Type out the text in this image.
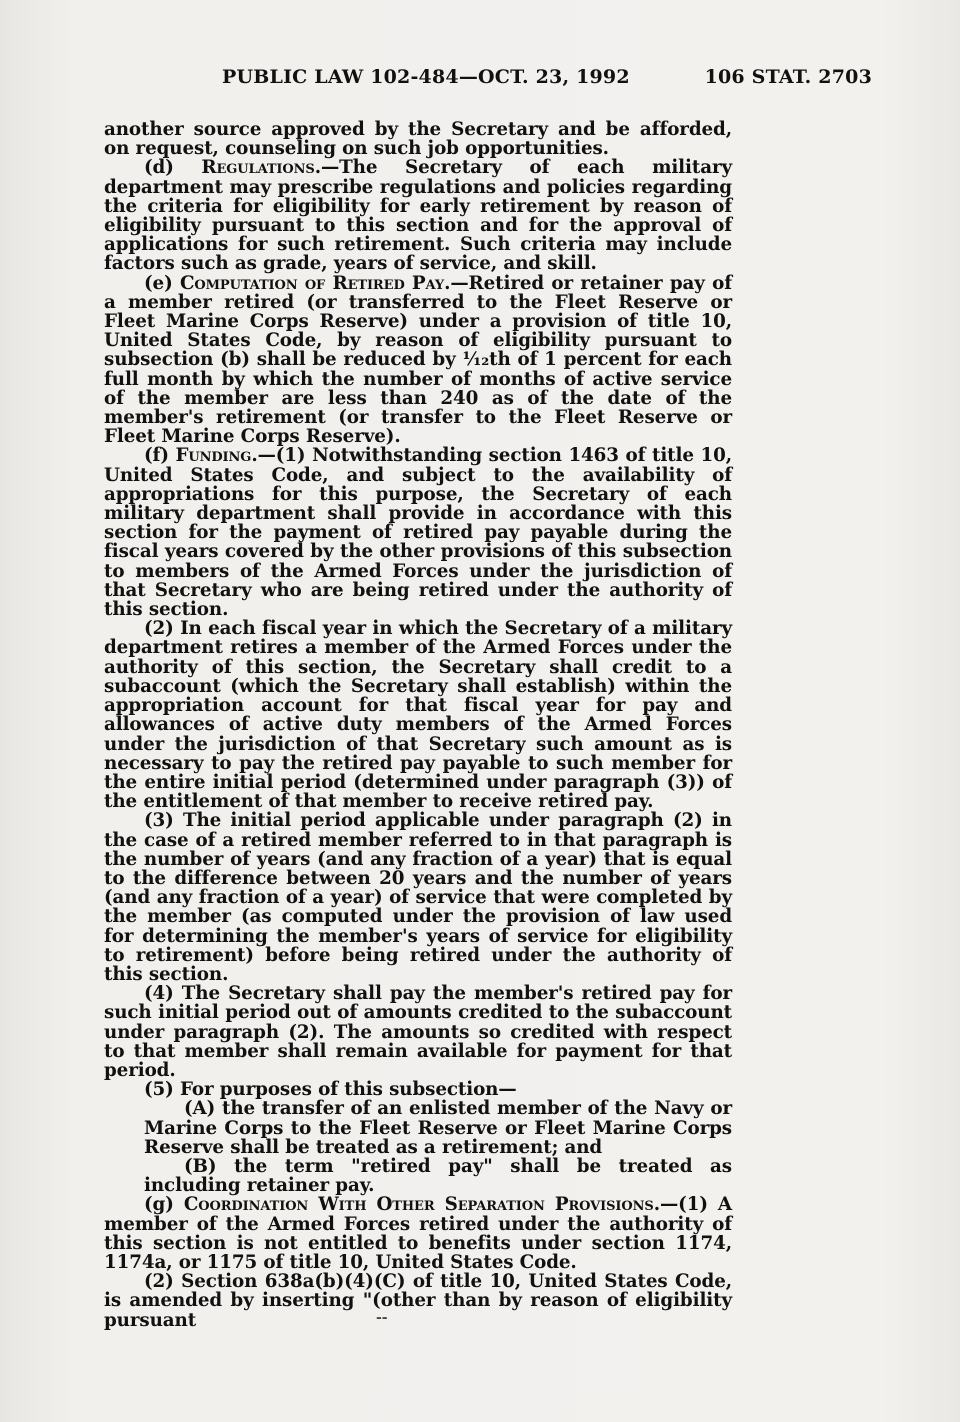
PUBLIC LAW 102-484—OCT. 23, 1992	106 STAT. 2703

another source approved by the Secretary and be afforded, on request, counseling on such job opportunities.

(d) Regulations.—The Secretary of each military department may prescribe regulations and policies regarding the criteria for eligibility for early retirement by reason of eligibility pursuant to this section and for the approval of applications for such retirement. Such criteria may include factors such as grade, years of service, and skill.

(e) Computation of Retired Pay.—Retired or retainer pay of a member retired (or transferred to the Fleet Reserve or Fleet Marine Corps Reserve) under a provision of title 10, United States Code, by reason of eligibility pursuant to subsection (b) shall be reduced by ¹⁄₁₂th of 1 percent for each full month by which the number of months of active service of the member are less than 240 as of the date of the member's retirement (or transfer to the Fleet Reserve or Fleet Marine Corps Reserve).

(f) Funding.—(1) Notwithstanding section 1463 of title 10, United States Code, and subject to the availability of appropriations for this purpose, the Secretary of each military department shall provide in accordance with this section for the payment of retired pay payable during the fiscal years covered by the other provisions of this subsection to members of the Armed Forces under the jurisdiction of that Secretary who are being retired under the authority of this section.

(2) In each fiscal year in which the Secretary of a military department retires a member of the Armed Forces under the authority of this section, the Secretary shall credit to a subaccount (which the Secretary shall establish) within the appropriation account for that fiscal year for pay and allowances of active duty members of the Armed Forces under the jurisdiction of that Secretary such amount as is necessary to pay the retired pay payable to such member for the entire initial period (determined under paragraph (3)) of the entitlement of that member to receive retired pay.

(3) The initial period applicable under paragraph (2) in the case of a retired member referred to in that paragraph is the number of years (and any fraction of a year) that is equal to the difference between 20 years and the number of years (and any fraction of a year) of service that were completed by the member (as computed under the provision of law used for determining the member's years of service for eligibility to retirement) before being retired under the authority of this section.

(4) The Secretary shall pay the member's retired pay for such initial period out of amounts credited to the subaccount under paragraph (2). The amounts so credited with respect to that member shall remain available for payment for that period.

(5) For purposes of this subsection—

(A) the transfer of an enlisted member of the Navy or Marine Corps to the Fleet Reserve or Fleet Marine Corps Reserve shall be treated as a retirement; and

(B) the term "retired pay" shall be treated as including retainer pay.

(g) Coordination With Other Separation Provisions.—(1) A member of the Armed Forces retired under the authority of this section is not entitled to benefits under section 1174, 1174a, or 1175 of title 10, United States Code.

(2) Section 638a(b)(4)(C) of title 10, United States Code, is amended by inserting "(other than by reason of eligibility pursuant	--
